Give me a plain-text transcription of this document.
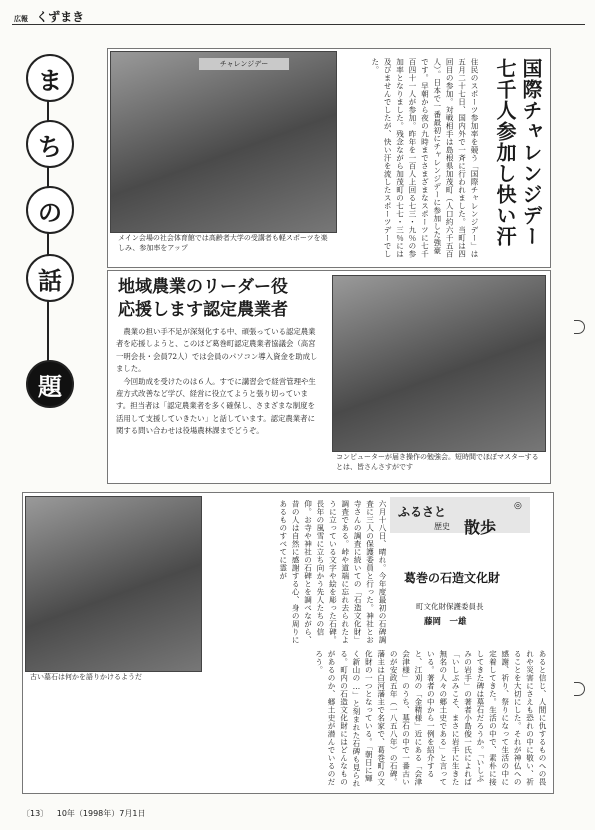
広報 くずまき
ま
ち
の
話
題
チャレンジデー
メイン会場の社会体育館では高齢者大学の受講者も軽スポーツを楽しみ、参加率をアップ	住民のスポーツ参加率を競う「国際チャレンジデー」は五月二十七日、国内外で一斉に行われました。当町は四回目の参加。対戦相手は島根県加茂町（人口約六千五百人）。日本で一番最初にチャレンジデーに参加した強豪です。早朝から夜の九時までさまざまなスポーツに七千百四十一人が参加。昨年を一百人上回る七三・九％の参加率となりました。残念ながら加茂町の七七・三％には及びませんでしたが、快い汗を流したスポーツデーでした。	国際チャレンジデー七千人参加し快い汗
地域農業のリーダー役
応援します認定農業者

農業の担い手不足が深刻化する中、頑張っている認定農業者を応援しようと、このほど葛巻町認定農業者協議会（高宮一明会長・会員72人）では会員のパソコン導入資金を助成しました。

今回助成を受けたのは６人。すでに講習会で経営管理や生産方式改善など学び、経営に役立てようと張り切っています。担当者は「認定農業者を多く確保し、さまざまな制度を活用して支援していきたい」と話しています。認定農業者に関する問い合わせは役場農林課までどうぞ。

コンピューターが届き操作の勉強会。短時間でほぼマスターするとは、皆さんさすがです
古い墓石は何かを語りかけるようだ
六月十八日、晴れ。今年度最初の石碑調査に三人の保護委員と行った。神社とお寺さんの調査に続いての「石造文化財」調査である。峠や道端に忘れ去られたように立っている文字や絵を彫った石碑。長年の風雪に立ち向かう先人たちの信仰。お寺や神社の石碑とを調べながら、昔の人は自然に感謝する心、身の周りにあるものすべてに霊が	ふるさと
歴史 散歩
◎
葛巻の石造文化財
町文化財保護委員長
藤岡　一雄
あると信じ、人間に仇するものへの畏れや災害にさえも恐れの中に敬い、祈ることを大切にした。それが神仏への感謝、祈り、祭りになって生活の中に定着してきた。生活の中で、素朴に接してきた碑は墓石だろうか。「いしぶみの岩手」の著者小島俊一氏によれば「いしぶみこそ、まさに岩手に生きた無名の人々の郷土史である」と言っている。著者の中から一例を紹介すると、江刈の「金精様」近にある「会津会津様」のうち、墓石の中で一番古いのが安政五年（一八五八年）の石碑。藩主は白河藩主で名家で、葛巻町の文化財の一つとなっている。「朝日に輝く新山の…」と刻まれた石碑も見られる。町内の石造文化財にはどんなものがあるのか、郷土史が潜んでいるのだろう。
〔13〕 10年（1998年）7月1日
